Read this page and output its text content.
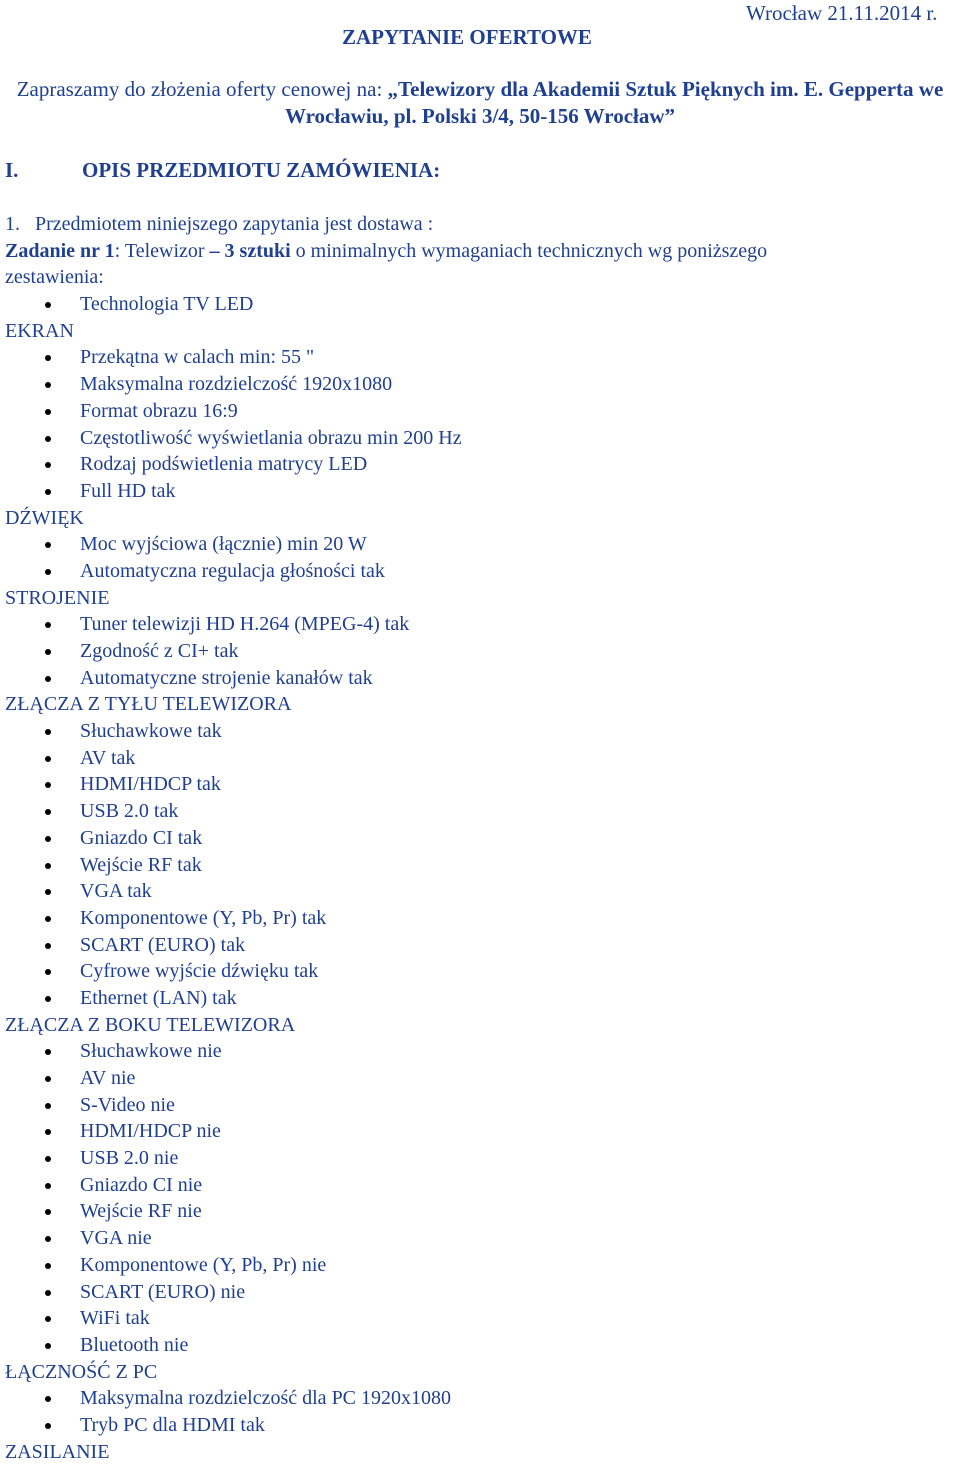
ZAPYTANIE OFERTOWE
Wrocław 21.11.2014 r.
Zapraszamy do złożenia oferty cenowej na: „Telewizory dla Akademii Sztuk Pięknych im. E. Gepperta we Wrocławiu, pl. Polski 3/4, 50-156 Wrocław”
I.	OPIS PRZEDMIOTU ZAMÓWIENIA:
1. Przedmiotem niniejszego zapytania jest dostawa :
Zadanie nr 1: Telewizor – 3 sztuki o minimalnych wymaganiach technicznych wg poniższego
zestawienia:
Technologia TV LED
EKRAN
Przekątna w calach min: 55 "
Maksymalna rozdzielczość 1920x1080
Format obrazu 16:9
Częstotliwość wyświetlania obrazu min 200 Hz
Rodzaj podświetlenia matrycy LED
Full HD tak
DŹWIĘK
Moc wyjściowa (łącznie) min 20 W
Automatyczna regulacja głośności tak
STROJENIE
Tuner telewizji HD H.264 (MPEG-4) tak
Zgodność z CI+ tak
Automatyczne strojenie kanałów tak
ZŁĄCZA Z TYŁU TELEWIZORA
Słuchawkowe tak
AV tak
HDMI/HDCP tak
USB 2.0 tak
Gniazdo CI tak
Wejście RF tak
VGA tak
Komponentowe (Y, Pb, Pr) tak
SCART (EURO) tak
Cyfrowe wyjście dźwięku tak
Ethernet (LAN) tak
ZŁĄCZA Z BOKU TELEWIZORA
Słuchawkowe nie
AV nie
S-Video nie
HDMI/HDCP nie
USB 2.0 nie
Gniazdo CI nie
Wejście RF nie
VGA nie
Komponentowe (Y, Pb, Pr) nie
SCART (EURO) nie
WiFi tak
Bluetooth nie
ŁĄCZNOŚĆ Z PC
Maksymalna rozdzielczość dla PC 1920x1080
Tryb PC dla HDMI tak
ZASILANIE
